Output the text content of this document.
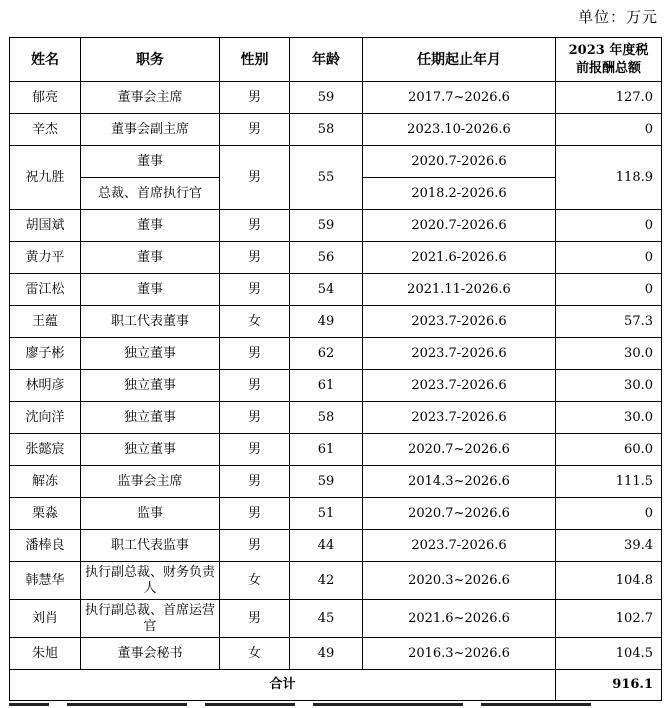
单位：万元
姓名	职务	性别	年龄	任期起止年月	2023 年度税
前报酬总额
郁亮	董事会主席	男	59	2017.7~2026.6	127.0
辛杰	董事会副主席	男	58	2023.10-2026.6	0
祝九胜	董事	男	55	2020.7-2026.6	118.9
	总裁、首席执行官			2018.2-2026.6	
胡国斌	董事	男	59	2020.7-2026.6	0
黄力平	董事	男	56	2021.6-2026.6	0
雷江松	董事	男	54	2021.11-2026.6	0
王蕴	职工代表董事	女	49	2023.7-2026.6	57.3
廖子彬	独立董事	男	62	2023.7-2026.6	30.0
林明彦	独立董事	男	61	2023.7-2026.6	30.0
沈向洋	独立董事	男	58	2023.7-2026.6	30.0
张懿宸	独立董事	男	61	2020.7~2026.6	60.0
解冻	监事会主席	男	59	2014.3~2026.6	111.5
栗淼	监事	男	51	2020.7~2026.6	0
潘棒良	职工代表监事	男	44	2023.7-2026.6	39.4
韩慧华	执行副总裁、财务负责人	女	42	2020.3~2026.6	104.8
刘肖	执行副总裁、首席运营官	男	45	2021.6~2026.6	102.7
朱旭	董事会秘书	女	49	2016.3~2026.6	104.5
合计					916.1
